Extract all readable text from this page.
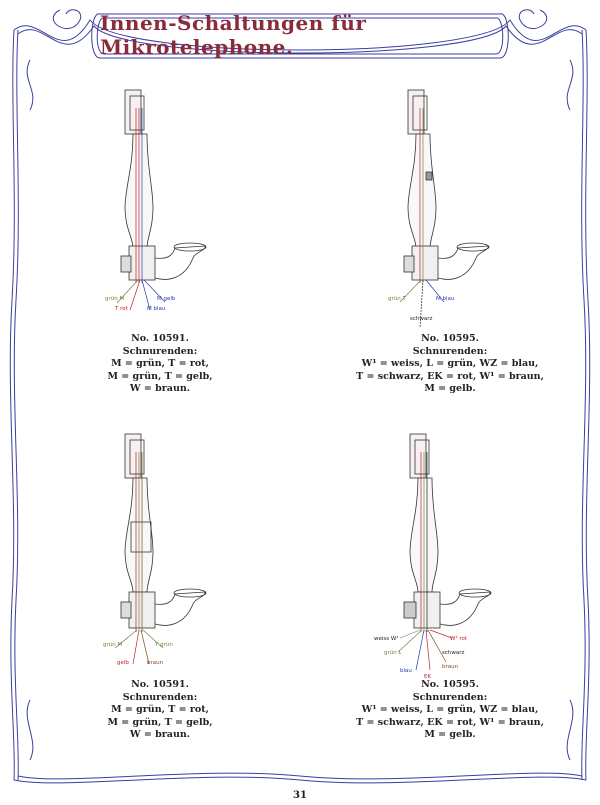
Innen-Schaltungen für Mikrotelephone.
grün M
T rot	M blau
M gelb	grün T	M blau
schwarz
grün M	T grün
gelb	braun
weiss W¹	W¹ rot
grün L	schwarz
blau
EK
braun
No. 10591.
Schnurenden:
M = grün, T = rot,
M = grün, T = gelb,
W = braun.
No. 10595.
Schnurenden:
W¹ = weiss, L = grün, WZ = blau,
T = schwarz, EK = rot, W¹ = braun,
M = gelb.
No. 10591.
Schnurenden:
M = grün, T = rot,
M = grün, T = gelb,
W = braun.
No. 10595.
Schnurenden:
W¹ = weiss, L = grün, WZ = blau,
T = schwarz, EK = rot, W¹ = braun,
M = gelb.
31
